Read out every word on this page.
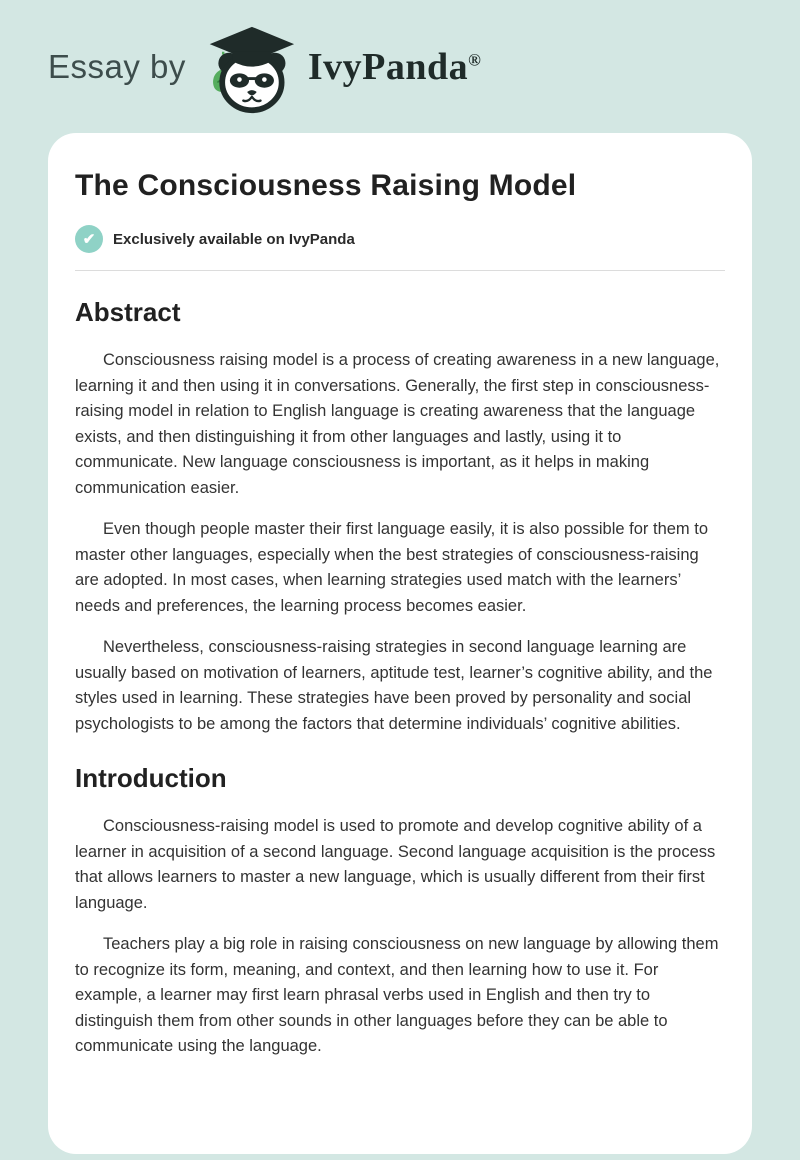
Essay by	IvyPanda®
The Consciousness Raising Model
✔	Exclusively available on IvyPanda
Abstract

Consciousness raising model is a process of creating awareness in a new language, learning it and then using it in conversations. Generally, the first step in consciousness-raising model in relation to English language is creating awareness that the language exists, and then distinguishing it from other languages and lastly, using it to communicate. New language consciousness is important, as it helps in making communication easier.

Even though people master their first language easily, it is also possible for them to master other languages, especially when the best strategies of consciousness-raising are adopted. In most cases, when learning strategies used match with the learners’ needs and preferences, the learning process becomes easier.

Nevertheless, consciousness-raising strategies in second language learning are usually based on motivation of learners, aptitude test, learner’s cognitive ability, and the styles used in learning. These strategies have been proved by personality and social psychologists to be among the factors that determine individuals’ cognitive abilities.

Introduction

Consciousness-raising model is used to promote and develop cognitive ability of a learner in acquisition of a second language. Second language acquisition is the process that allows learners to master a new language, which is usually different from their first language.

Teachers play a big role in raising consciousness on new language by allowing them to recognize its form, meaning, and context, and then learning how to use it. For example, a learner may first learn phrasal verbs used in English and then try to distinguish them from other sounds in other languages before they can be able to communicate using the language.
